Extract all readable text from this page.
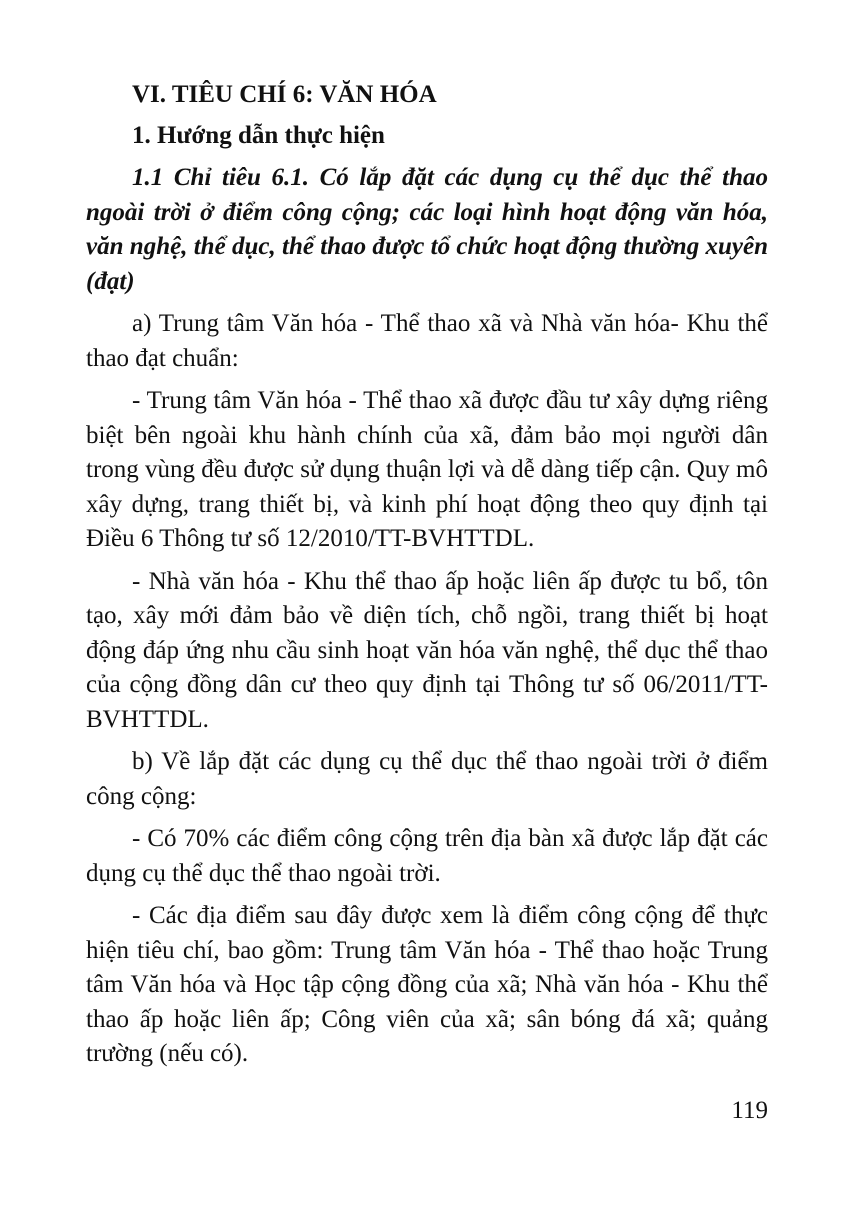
VI. TIÊU CHÍ 6: VĂN HÓA
1. Hướng dẫn thực hiện
1.1 Chỉ tiêu 6.1. Có lắp đặt các dụng cụ thể dục thể thao ngoài trời ở điểm công cộng; các loại hình hoạt động văn hóa, văn nghệ, thể dục, thể thao được tổ chức hoạt động thường xuyên (đạt)
a) Trung tâm Văn hóa - Thể thao xã và Nhà văn hóa- Khu thể thao đạt chuẩn:
- Trung tâm Văn hóa - Thể thao xã được đầu tư xây dựng riêng biệt bên ngoài khu hành chính của xã, đảm bảo mọi người dân trong vùng đều được sử dụng thuận lợi và dễ dàng tiếp cận. Quy mô xây dựng, trang thiết bị, và kinh phí hoạt động theo quy định tại Điều 6 Thông tư số 12/2010/TT-BVHTTDL.
- Nhà văn hóa - Khu thể thao ấp hoặc liên ấp được tu bổ, tôn tạo, xây mới đảm bảo về diện tích, chỗ ngồi, trang thiết bị hoạt động đáp ứng nhu cầu sinh hoạt văn hóa văn nghệ, thể dục thể thao của cộng đồng dân cư theo quy định tại Thông tư số 06/2011/TT-BVHTTDL.
b) Về lắp đặt các dụng cụ thể dục thể thao ngoài trời ở điểm công cộng:
- Có 70% các điểm công cộng trên địa bàn xã được lắp đặt các dụng cụ thể dục thể thao ngoài trời.
- Các địa điểm sau đây được xem là điểm công cộng để thực hiện tiêu chí, bao gồm: Trung tâm Văn hóa - Thể thao hoặc Trung tâm Văn hóa và Học tập cộng đồng của xã; Nhà văn hóa - Khu thể thao ấp hoặc liên ấp; Công viên của xã; sân bóng đá xã; quảng trường (nếu có).
119
